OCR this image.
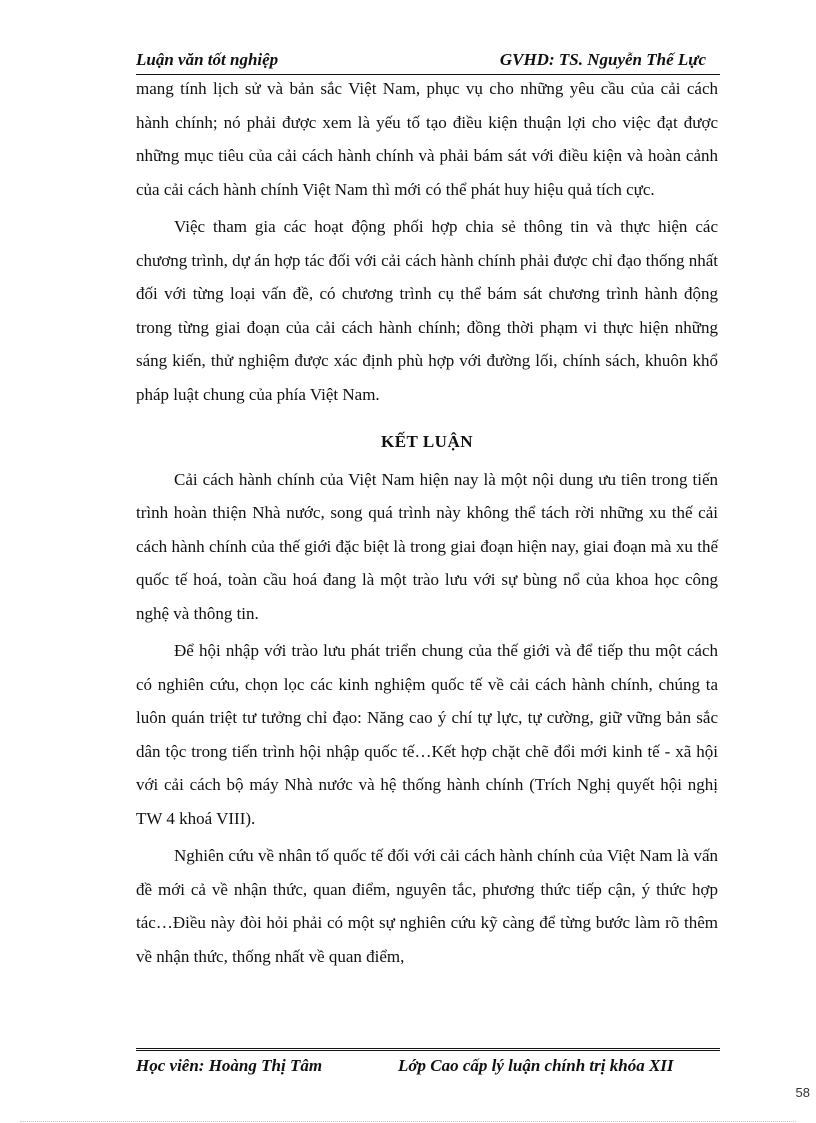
Luận văn tốt nghiệp	GVHD: TS. Nguyễn Thế Lực

mang tính lịch sử và bản sắc Việt Nam, phục vụ cho những yêu cầu của cải cách hành chính; nó phải được xem là yếu tố tạo điều kiện thuận lợi cho việc đạt được những mục tiêu của cải cách hành chính và phải bám sát với điều kiện và hoàn cảnh của cải cách hành chính Việt Nam thì mới có thể phát huy hiệu quả tích cực.

Việc tham gia các hoạt động phối hợp chia sẻ thông tin và thực hiện các chương trình, dự án hợp tác đối với cải cách hành chính phải được chỉ đạo thống nhất đối với từng loại vấn đề, có chương trình cụ thể bám sát chương trình hành động trong từng giai đoạn của cải cách hành chính; đồng thời phạm vi thực hiện những sáng kiến, thử nghiệm được xác định phù hợp với đường lối, chính sách, khuôn khổ pháp luật chung của phía Việt Nam.

KẾT LUẬN

Cải cách hành chính của Việt Nam hiện nay là một nội dung ưu tiên trong tiến trình hoàn thiện Nhà nước, song quá trình này không thể tách rời những xu thế cải cách hành chính của thế giới đặc biệt là trong giai đoạn hiện nay, giai đoạn mà xu thế quốc tế hoá, toàn cầu hoá đang là một trào lưu với sự bùng nổ của khoa học công nghệ và thông tin.

Để hội nhập với trào lưu phát triển chung của thế giới và để tiếp thu một cách có nghiên cứu, chọn lọc các kinh nghiệm quốc tế về cải cách hành chính, chúng ta luôn quán triệt tư tưởng chỉ đạo: Năng cao ý chí tự lực, tự cường, giữ vững bản sắc dân tộc trong tiến trình hội nhập quốc tế…Kết hợp chặt chẽ đổi mới kinh tế - xã hội với cải cách bộ máy Nhà nước và hệ thống hành chính (Trích Nghị quyết hội nghị TW 4 khoá VIII).

Nghiên cứu về nhân tố quốc tế đối với cải cách hành chính của Việt Nam là vấn đề mới cả về nhận thức, quan điểm, nguyên tắc, phương thức tiếp cận, ý thức hợp tác…Điều này đòi hỏi phải có một sự nghiên cứu kỹ càng để từng bước làm rõ thêm về nhận thức, thống nhất về quan điểm,

Học viên: Hoàng Thị Tâm	Lớp Cao cấp lý luận chính trị khóa XII
58
